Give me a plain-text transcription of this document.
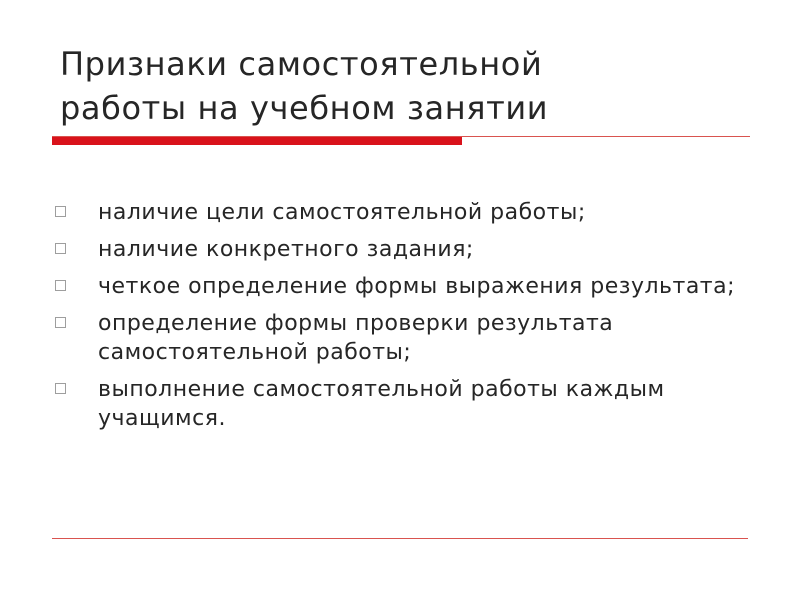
Признаки самостоятельной
работы на учебном занятии
наличие цели самостоятельной работы;
наличие конкретного задания;
четкое определение формы выражения результата;
определение формы проверки результата самостоятельной работы;
выполнение самостоятельной работы каждым учащимся.
